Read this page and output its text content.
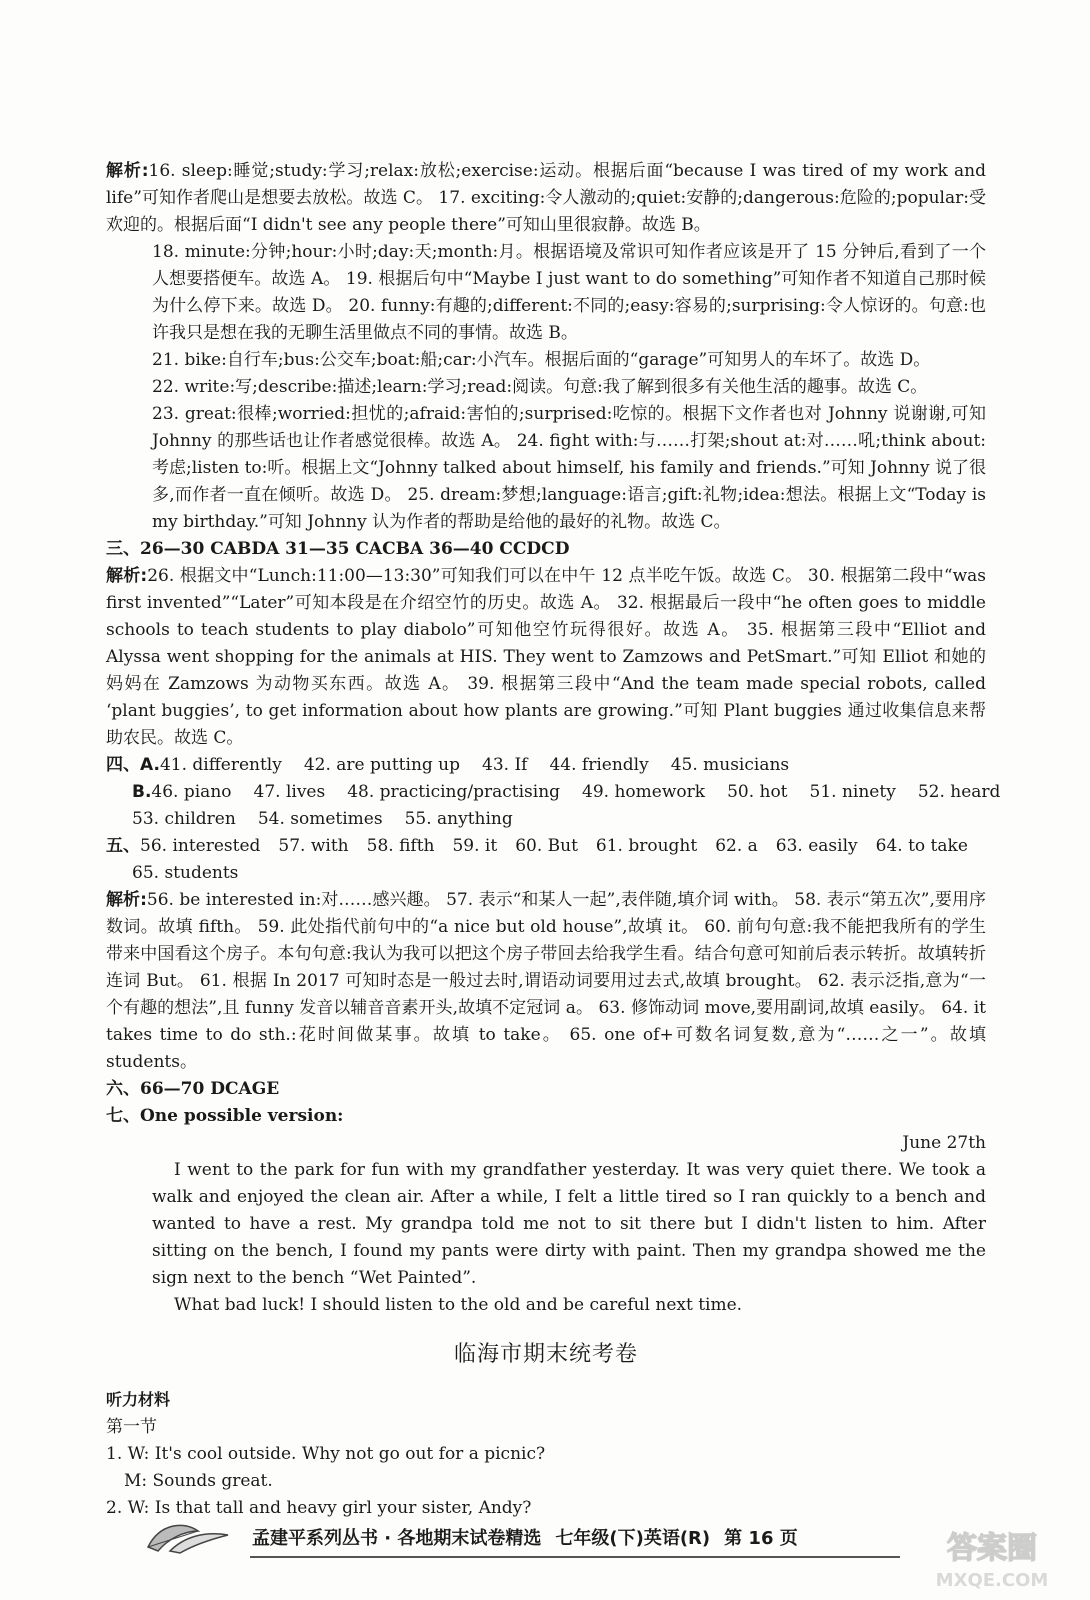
解析:16. sleep:睡觉;study:学习;relax:放松;exercise:运动。根据后面“because I was tired of my work and life”可知作者爬山是想要去放松。故选 C。 17. exciting:令人激动的;quiet:安静的;dangerous:危险的;popular:受欢迎的。根据后面“I didn't see any people there”可知山里很寂静。故选 B。

18. minute:分钟;hour:小时;day:天;month:月。根据语境及常识可知作者应该是开了 15 分钟后,看到了一个人想要搭便车。故选 A。 19. 根据后句中“Maybe I just want to do something”可知作者不知道自己那时候为什么停下来。故选 D。 20. funny:有趣的;different:不同的;easy:容易的;surprising:令人惊讶的。句意:也许我只是想在我的无聊生活里做点不同的事情。故选 B。

21. bike:自行车;bus:公交车;boat:船;car:小汽车。根据后面的“garage”可知男人的车坏了。故选 D。

22. write:写;describe:描述;learn:学习;read:阅读。句意:我了解到很多有关他生活的趣事。故选 C。

23. great:很棒;worried:担忧的;afraid:害怕的;surprised:吃惊的。根据下文作者也对 Johnny 说谢谢,可知 Johnny 的那些话也让作者感觉很棒。故选 A。 24. fight with:与……打架;shout at:对……吼;think about:考虑;listen to:听。根据上文“Johnny talked about himself, his family and friends.”可知 Johnny 说了很多,而作者一直在倾听。故选 D。 25. dream:梦想;language:语言;gift:礼物;idea:想法。根据上文“Today is my birthday.”可知 Johnny 认为作者的帮助是给他的最好的礼物。故选 C。

三、26—30 CABDA 31—35 CACBA 36—40 CCDCD

解析:26. 根据文中“Lunch:11:00—13:30”可知我们可以在中午 12 点半吃午饭。故选 C。 30. 根据第二段中“was first invented”“Later”可知本段是在介绍空竹的历史。故选 A。 32. 根据最后一段中“he often goes to middle schools to teach students to play diabolo”可知他空竹玩得很好。故选 A。 35. 根据第三段中“Elliot and Alyssa went shopping for the animals at HIS. They went to Zamzows and PetSmart.”可知 Elliot 和她的妈妈在 Zamzows 为动物买东西。故选 A。 39. 根据第三段中“And the team made special robots, called ‘plant buggies’, to get information about how plants are growing.”可知 Plant buggies 通过收集信息来帮助农民。故选 C。

四、A.41. differently 42. are putting up 43. If 44. friendly 45. musicians
B.46. piano 47. lives 48. practicing/practising 49. homework 50. hot 51. ninety 52. heard
53. children 54. sometimes 55. anything
五、56. interested 57. with 58. fifth 59. it 60. But 61. brought 62. a 63. easily 64. to take
65. students

解析:56. be interested in:对……感兴趣。 57. 表示“和某人一起”,表伴随,填介词 with。 58. 表示“第五次”,要用序数词。故填 fifth。 59. 此处指代前句中的“a nice but old house”,故填 it。 60. 前句句意:我不能把我所有的学生带来中国看这个房子。本句句意:我认为我可以把这个房子带回去给我学生看。结合句意可知前后表示转折。故填转折连词 But。 61. 根据 In 2017 可知时态是一般过去时,谓语动词要用过去式,故填 brought。 62. 表示泛指,意为“一个有趣的想法”,且 funny 发音以辅音音素开头,故填不定冠词 a。 63. 修饰动词 move,要用副词,故填 easily。 64. it takes time to do sth.:花时间做某事。故填 to take。 65. one of+可数名词复数,意为“……之一”。故填 students。

六、66—70 DCAGE

七、One possible version:

June 27th

I went to the park for fun with my grandfather yesterday. It was very quiet there. We took a walk and enjoyed the clean air. After a while, I felt a little tired so I ran quickly to a bench and wanted to have a rest. My grandpa told me not to sit there but I didn't listen to him. After sitting on the bench, I found my pants were dirty with paint. Then my grandpa showed me the sign next to the bench “Wet Painted”.

What bad luck! I should listen to the old and be careful next time.

临海市期末统考卷
听力材料
第一节
1. W: It's cool outside. Why not go out for a picnic?
M: Sounds great.
2. W: Is that tall and heavy girl your sister, Andy?
孟建平系列丛书 · 各地期末试卷精选 七年级(下)英语(R) 第 16 页	答案圈
MXQE.COM
